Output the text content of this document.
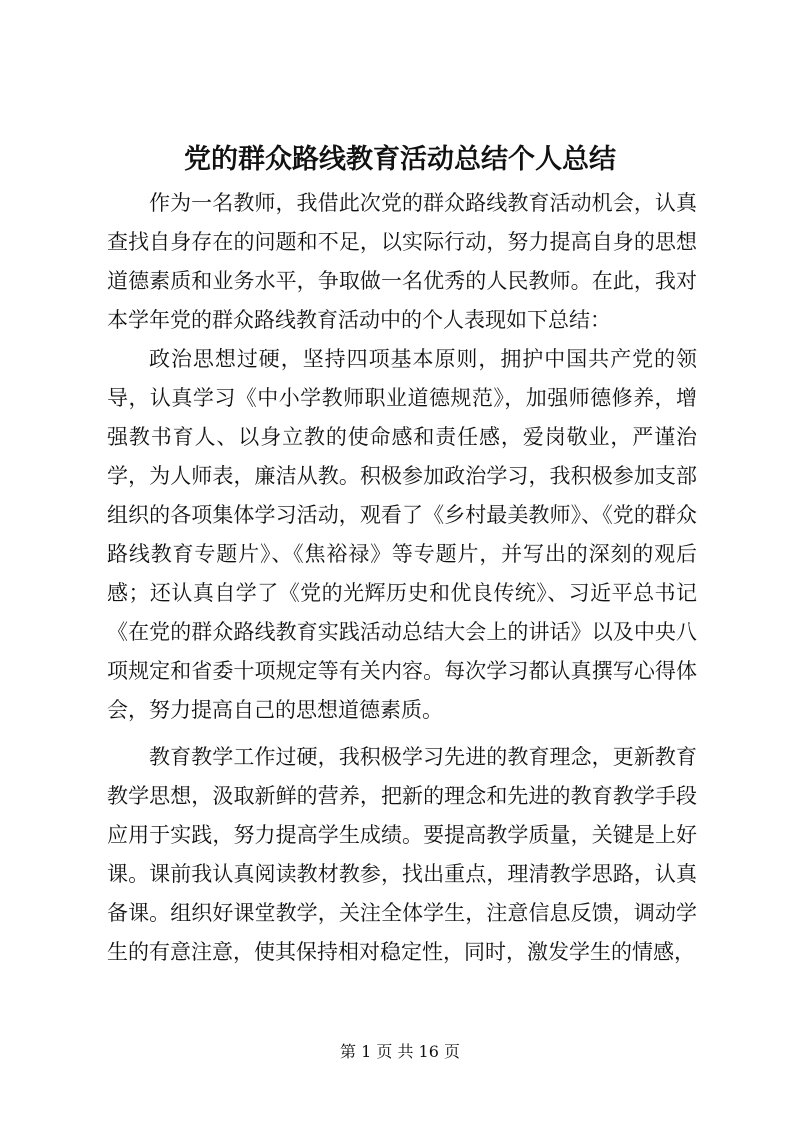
党的群众路线教育活动总结个人总结

作为一名教师，我借此次党的群众路线教育活动机会，认真查找自身存在的问题和不足，以实际行动，努力提高自身的思想道德素质和业务水平，争取做一名优秀的人民教师。在此，我对本学年党的群众路线教育活动中的个人表现如下总结：

政治思想过硬，坚持四项基本原则，拥护中国共产党的领导，认真学习《中小学教师职业道德规范》，加强师德修养，增强教书育人、以身立教的使命感和责任感，爱岗敬业，严谨治学，为人师表，廉洁从教。积极参加政治学习，我积极参加支部组织的各项集体学习活动，观看了《乡村最美教师》、《党的群众路线教育专题片》、《焦裕禄》等专题片，并写出的深刻的观后感；还认真自学了《党的光辉历史和优良传统》、习近平总书记《在党的群众路线教育实践活动总结大会上的讲话》以及中央八项规定和省委十项规定等有关内容。每次学习都认真撰写心得体会，努力提高自己的思想道德素质。

教育教学工作过硬，我积极学习先进的教育理念，更新教育教学思想，汲取新鲜的营养，把新的理念和先进的教育教学手段应用于实践，努力提高学生成绩。要提高教学质量，关键是上好课。课前我认真阅读教材教参，找出重点，理清教学思路，认真备课。组织好课堂教学，关注全体学生，注意信息反馈，调动学生的有意注意，使其保持相对稳定性，同时，激发学生的情感，

第 1 页 共 16 页
